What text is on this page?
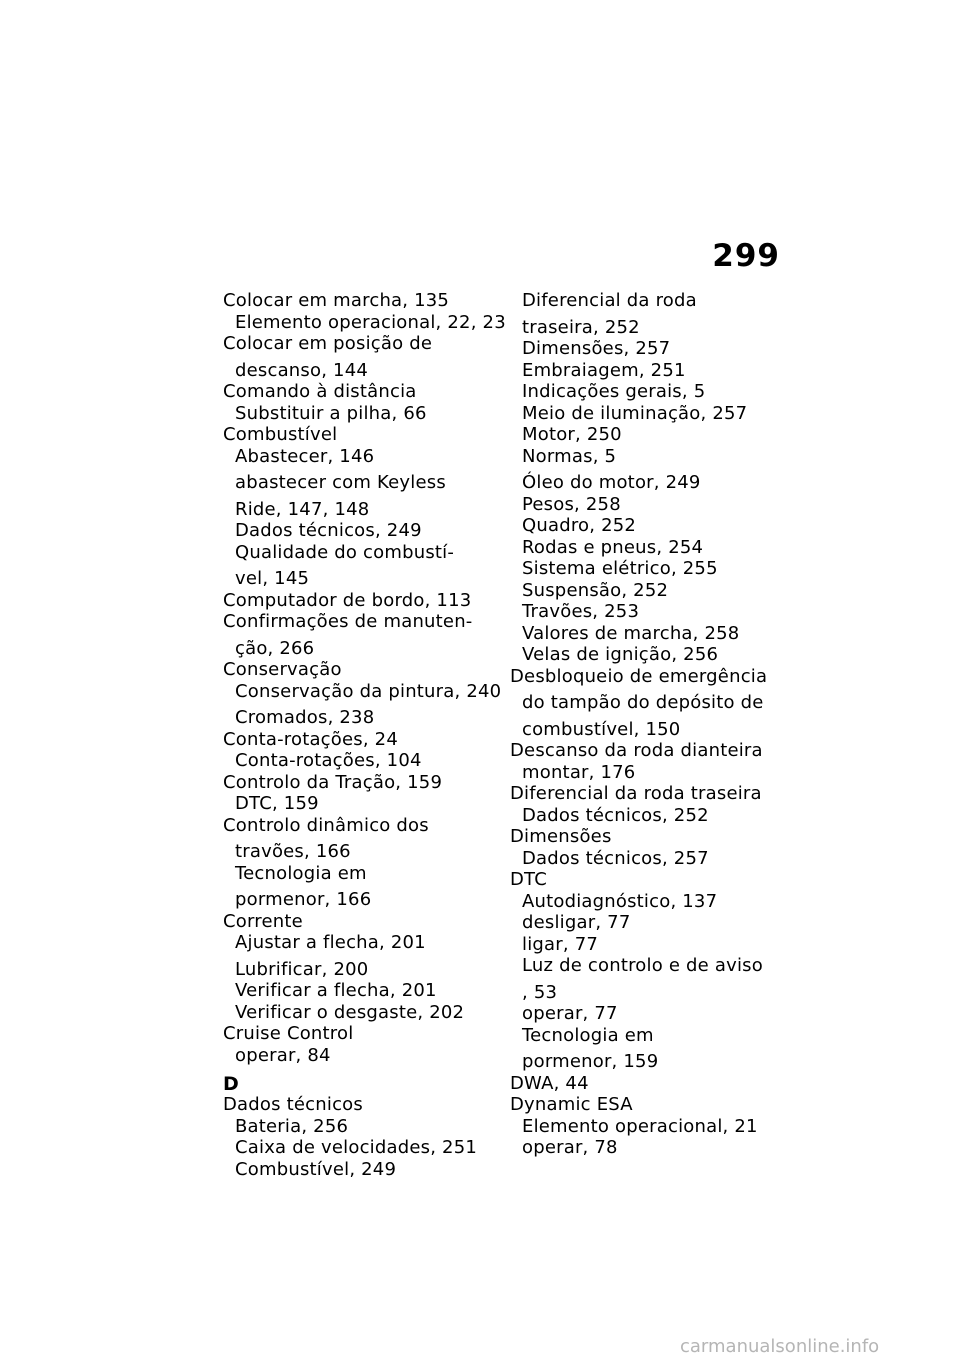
299
Colocar em marcha, 135
Elemento operacional, 22, 23
Colocar em posição de
descanso, 144
Comando à distância
Substituir a pilha, 66
Combustível
Abastecer, 146
abastecer com Keyless
Ride, 147, 148
Dados técnicos, 249
Qualidade do combustí-
vel, 145
Computador de bordo, 113
Confirmações de manuten-
ção, 266
Conservação
Conservação da pintura, 240
Cromados, 238
Conta-rotações, 24
Conta-rotações, 104
Controlo da Tração, 159
DTC, 159
Controlo dinâmico dos
travões, 166
Tecnologia em
pormenor, 166
Corrente
Ajustar a flecha, 201
Lubrificar, 200
Verificar a flecha, 201
Verificar o desgaste, 202
Cruise Control
operar, 84
D
Dados técnicos
Bateria, 256
Caixa de velocidades, 251
Combustível, 249
Diferencial da roda
traseira, 252
Dimensões, 257
Embraiagem, 251
Indicações gerais, 5
Meio de iluminação, 257
Motor, 250
Normas, 5
Óleo do motor, 249
Pesos, 258
Quadro, 252
Rodas e pneus, 254
Sistema elétrico, 255
Suspensão, 252
Travões, 253
Valores de marcha, 258
Velas de ignição, 256
Desbloqueio de emergência
do tampão do depósito de
combustível, 150
Descanso da roda dianteira
montar, 176
Diferencial da roda traseira
Dados técnicos, 252
Dimensões
Dados técnicos, 257
DTC
Autodiagnóstico, 137
desligar, 77
ligar, 77
Luz de controlo e de aviso
, 53
operar, 77
Tecnologia em
pormenor, 159
DWA, 44
Dynamic ESA
Elemento operacional, 21
operar, 78
carmanualsonline.info
